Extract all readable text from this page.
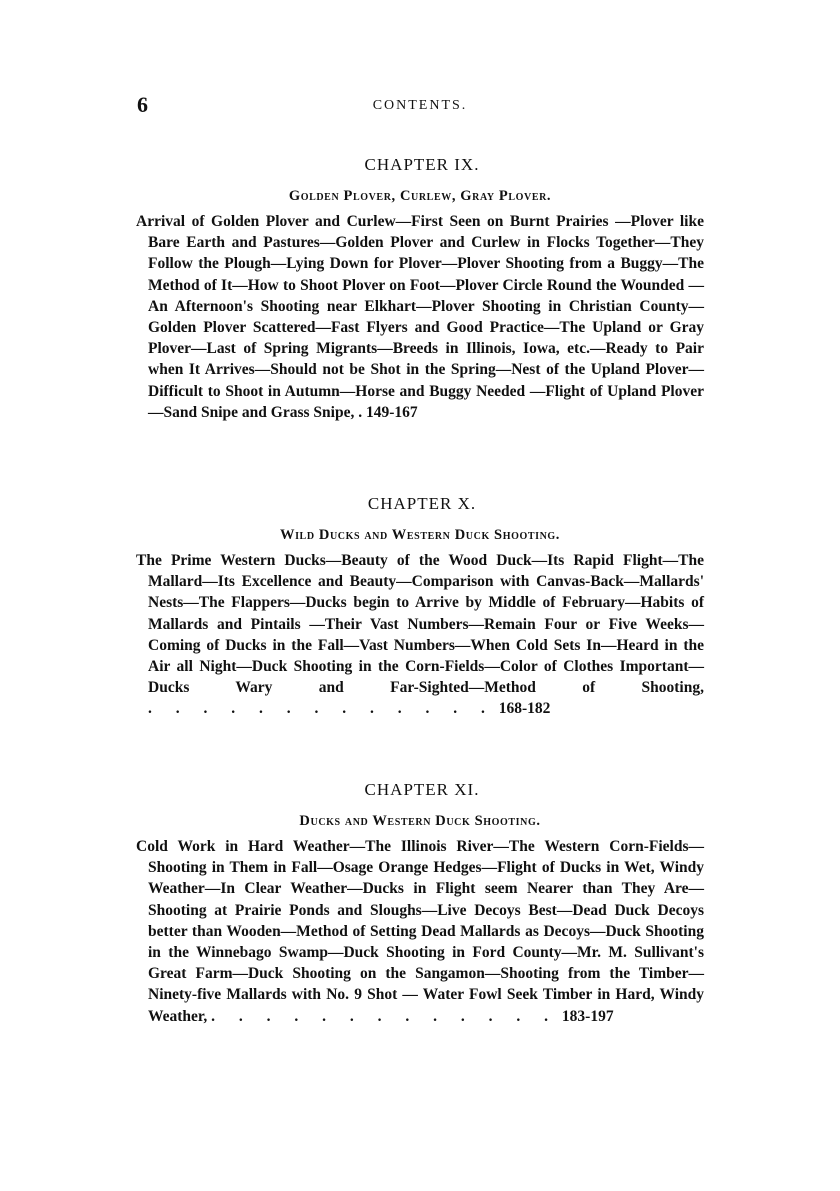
6	CONTENTS.
CHAPTER IX.
Golden Plover, Curlew, Gray Plover.
Arrival of Golden Plover and Curlew—First Seen on Burnt Prairies —Plover like Bare Earth and Pastures—Golden Plover and Curlew in Flocks Together—They Follow the Plough—Lying Down for Plover—Plover Shooting from a Buggy—The Method of It—How to Shoot Plover on Foot—Plover Circle Round the Wounded —An Afternoon's Shooting near Elkhart—Plover Shooting in Christian County—Golden Plover Scattered—Fast Flyers and Good Practice—The Upland or Gray Plover—Last of Spring Migrants—Breeds in Illinois, Iowa, etc.—Ready to Pair when It Arrives—Should not be Shot in the Spring—Nest of the Upland Plover—Difficult to Shoot in Autumn—Horse and Buggy Needed —Flight of Upland Plover—Sand Snipe and Grass Snipe, . 149-167
CHAPTER X.
Wild Ducks and Western Duck Shooting.
The Prime Western Ducks—Beauty of the Wood Duck—Its Rapid Flight—The Mallard—Its Excellence and Beauty—Comparison with Canvas-Back—Mallards' Nests—The Flappers—Ducks begin to Arrive by Middle of February—Habits of Mallards and Pintails —Their Vast Numbers—Remain Four or Five Weeks—Coming of Ducks in the Fall—Vast Numbers—When Cold Sets In—Heard in the Air all Night—Duck Shooting in the Corn-Fields—Color of Clothes Important—Ducks Wary and Far-Sighted—Method of Shooting, . . . . . . . . . . . . . 168-182
CHAPTER XI.
Ducks and Western Duck Shooting.
Cold Work in Hard Weather—The Illinois River—The Western Corn-Fields—Shooting in Them in Fall—Osage Orange Hedges—Flight of Ducks in Wet, Windy Weather—In Clear Weather—Ducks in Flight seem Nearer than They Are—Shooting at Prairie Ponds and Sloughs—Live Decoys Best—Dead Duck Decoys better than Wooden—Method of Setting Dead Mallards as Decoys—Duck Shooting in the Winnebago Swamp—Duck Shooting in Ford County—Mr. M. Sullivant's Great Farm—Duck Shooting on the Sangamon—Shooting from the Timber—Ninety-five Mallards with No. 9 Shot — Water Fowl Seek Timber in Hard, Windy Weather, . . . . . . . . . . . . . 183-197
